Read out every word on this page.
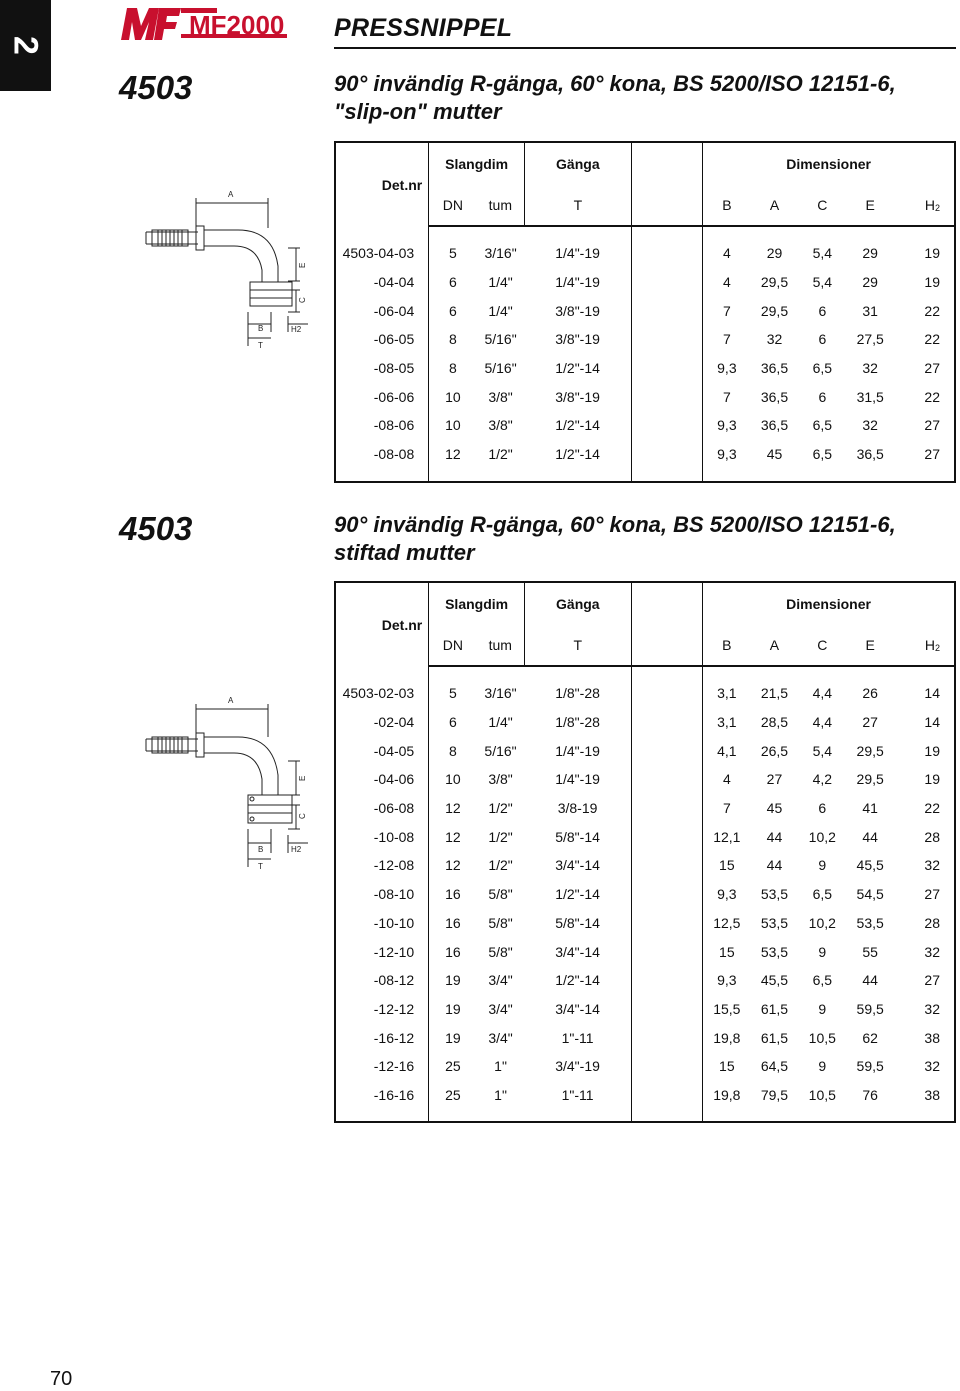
2
MF2000 PRESSNIPPEL
4503	90° invändig R-gänga, 60° kona, BS 5200/ISO 12151-6,
"slip-on" mutter
Det.nr	Slangdim		Gänga		Dimensioner				
	DN	tum	T		B	A	C	E	$H_2$

4503-04-03	5	3/16"	1/4"-19		4	29	5,4	29	19
-04-04	6	1/4"	1/4"-19		4	29,5	5,4	29	19
-06-04	6	1/4"	3/8"-19		7	29,5	6	31	22
-06-05	8	5/16"	3/8"-19		7	32	6	27,5	22
-08-05	8	5/16"	1/2"-14		9,3	36,5	6,5	32	27
-06-06	10	3/8"	3/8"-19		7	36,5	6	31,5	22
-08-06	10	3/8"	1/2"-14		9,3	36,5	6,5	32	27
-08-08	12	1/2"	1/2"-14		9,3	45	6,5	36,5	27

A
E
C
B	H2
T
4503	90° invändig R-gänga, 60° kona, BS 5200/ISO 12151-6,
stiftad mutter
Det.nr	Slangdim		Gänga		Dimensioner				
	DN	tum	T		B	A	C	E	$H_2$

4503-02-03	5	3/16"	1/8"-28		3,1	21,5	4,4	26	14
-02-04	6	1/4"	1/8"-28		3,1	28,5	4,4	27	14
-04-05	8	5/16"	1/4"-19		4,1	26,5	5,4	29,5	19
-04-06	10	3/8"	1/4"-19		4	27	4,2	29,5	19
-06-08	12	1/2"	3/8-19		7	45	6	41	22
-10-08	12	1/2"	5/8"-14		12,1	44	10,2	44	28
-12-08	12	1/2"	3/4"-14		15	44	9	45,5	32
-08-10	16	5/8"	1/2"-14		9,3	53,5	6,5	54,5	27
-10-10	16	5/8"	5/8"-14		12,5	53,5	10,2	53,5	28
-12-10	16	5/8"	3/4"-14		15	53,5	9	55	32
-08-12	19	3/4"	1/2"-14		9,3	45,5	6,5	44	27
-12-12	19	3/4"	3/4"-14		15,5	61,5	9	59,5	32
-16-12	19	3/4"	1"-11		19,8	61,5	10,5	62	38
-12-16	25	1"	3/4"-19		15	64,5	9	59,5	32
-16-16	25	1"	1"-11		19,8	79,5	10,5	76	38

A
E
C
B	H2
T
70
